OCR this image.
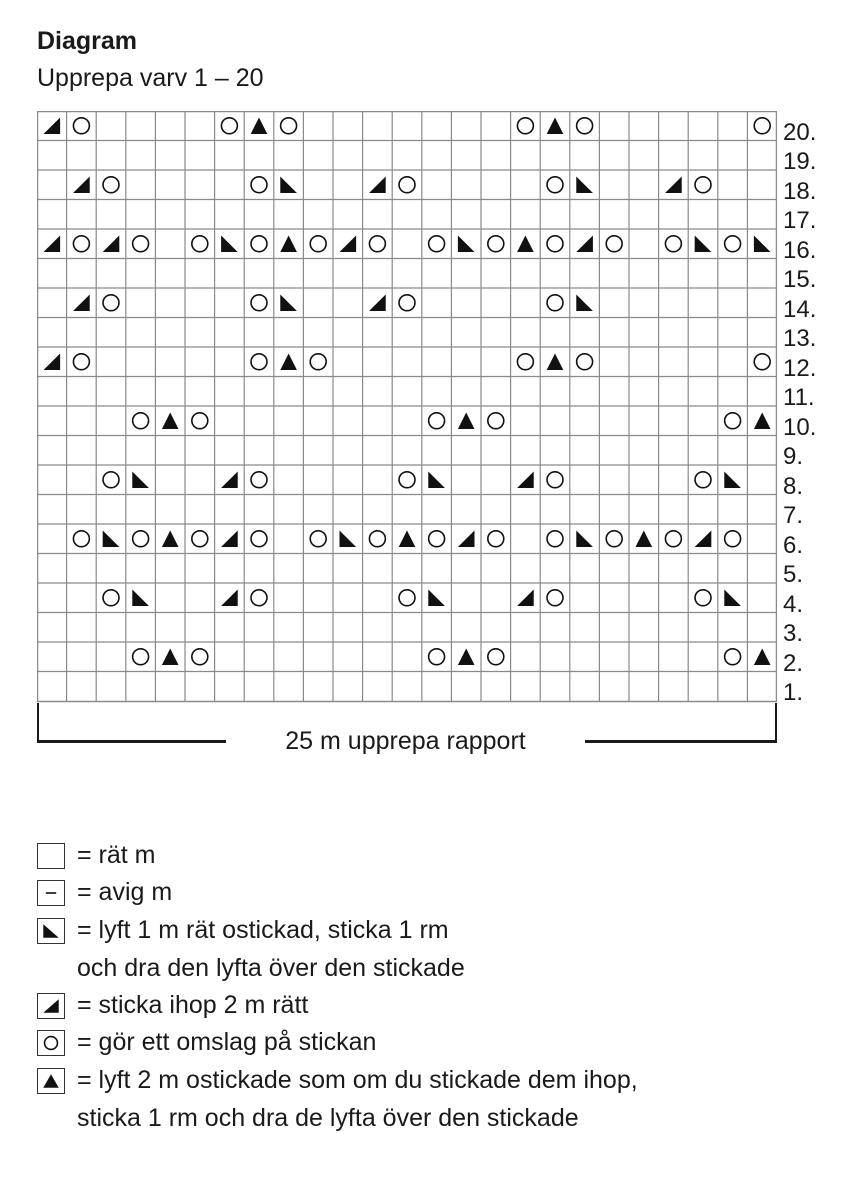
Diagram
Upprepa varv 1 – 20
20.
19.
18.
17.
16.
15.
14.
13.
12.
11.
10.
9.
8.
7.
6.
5.
4.
3.
2.
1.
25 m upprepa rapport
= rät m
= avig m
= lyft 1 m rät ostickad, sticka 1 rm
och dra den lyfta över den stickade
= sticka ihop 2 m rätt
= gör ett omslag på stickan
= lyft 2 m ostickade som om du stickade dem ihop,
sticka 1 rm och dra de lyfta över den stickade
